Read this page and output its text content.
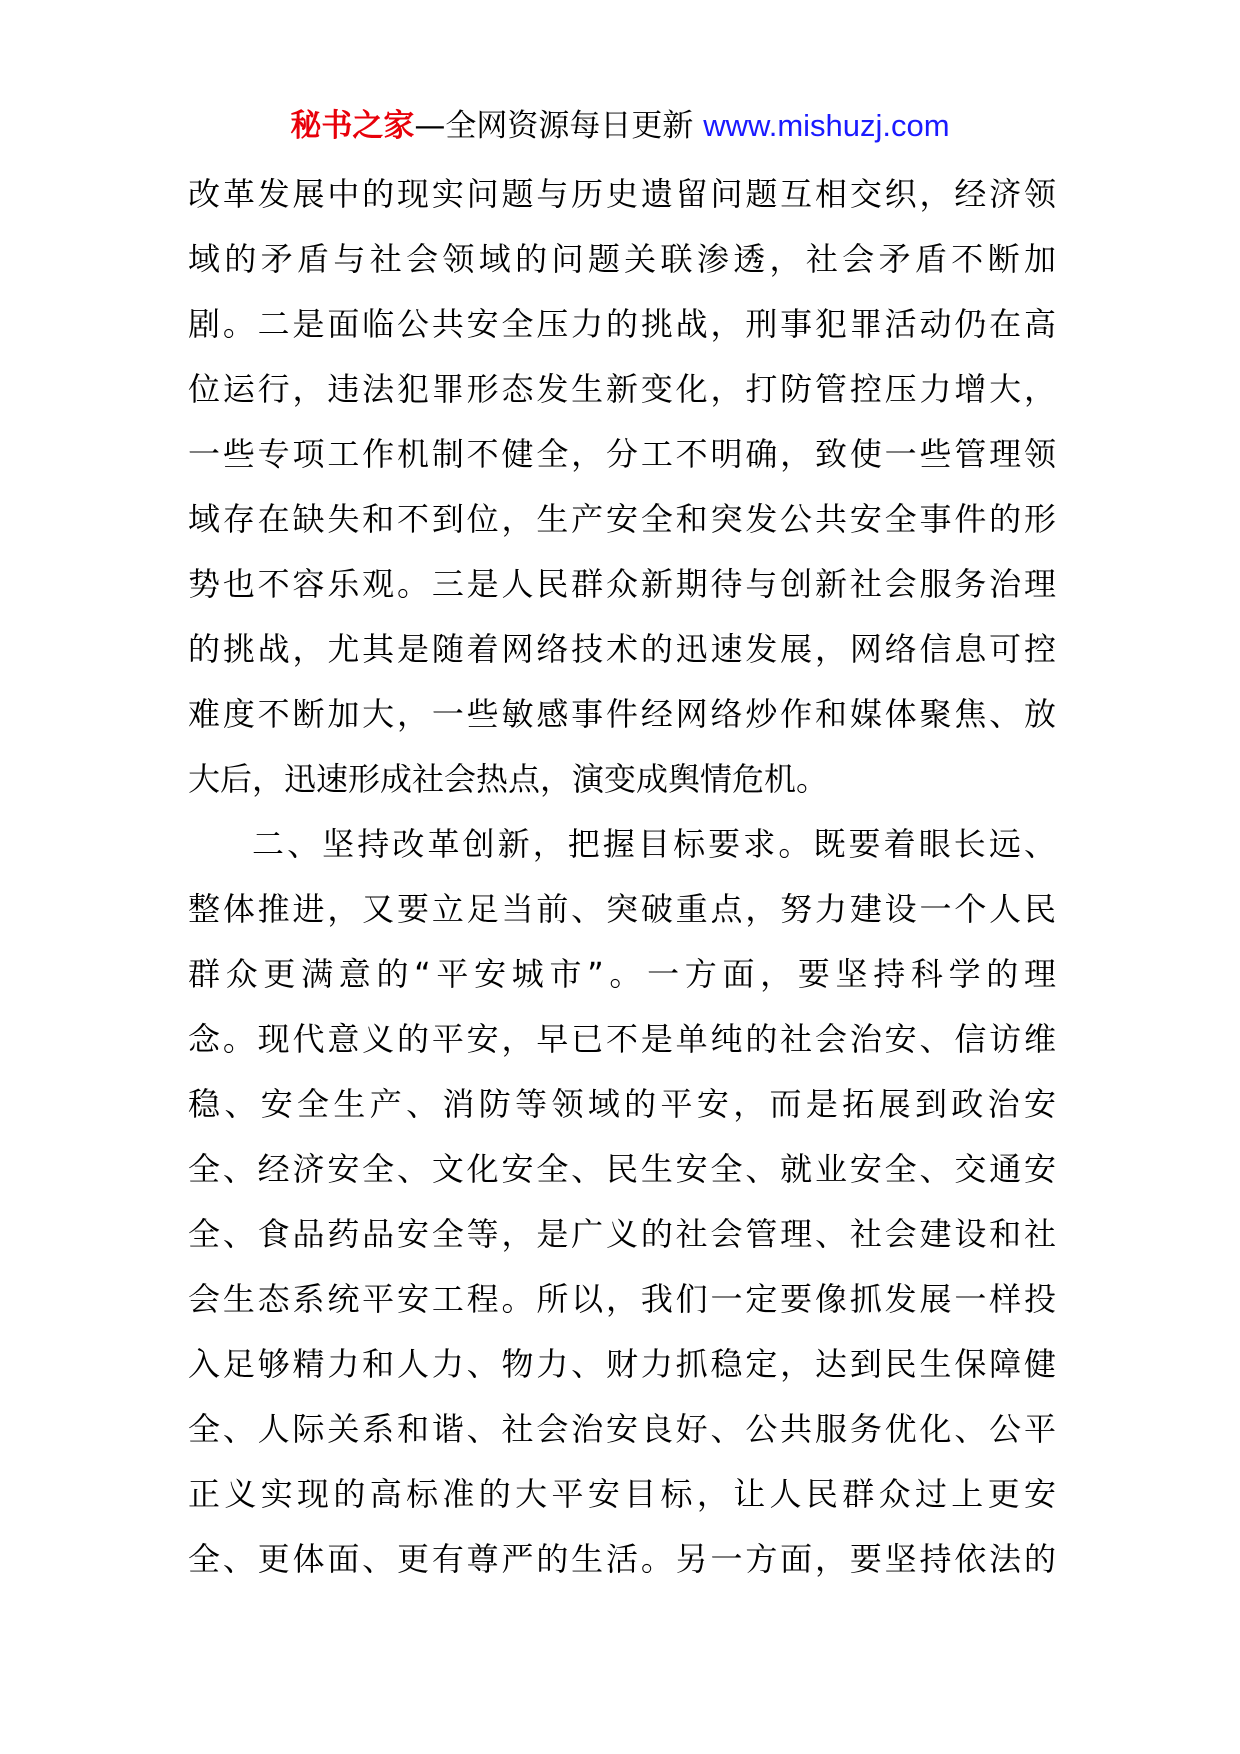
秘书之家—全网资源每日更新 www.mishuzj.com
改革发展中的现实问题与历史遗留问题互相交织，经济领
域的矛盾与社会领域的问题关联渗透，社会矛盾不断加
剧。二是面临公共安全压力的挑战，刑事犯罪活动仍在高
位运行，违法犯罪形态发生新变化，打防管控压力增大，
一些专项工作机制不健全，分工不明确，致使一些管理领
域存在缺失和不到位，生产安全和突发公共安全事件的形
势也不容乐观。三是人民群众新期待与创新社会服务治理
的挑战，尤其是随着网络技术的迅速发展，网络信息可控
难度不断加大，一些敏感事件经网络炒作和媒体聚焦、放
大后，迅速形成社会热点，演变成舆情危机。
二、坚持改革创新，把握目标要求。既要着眼长远、
整体推进，又要立足当前、突破重点，努力建设一个人民
群众更满意的“平安城市”。一方面，要坚持科学的理
念。现代意义的平安，早已不是单纯的社会治安、信访维
稳、安全生产、消防等领域的平安，而是拓展到政治安
全、经济安全、文化安全、民生安全、就业安全、交通安
全、食品药品安全等，是广义的社会管理、社会建设和社
会生态系统平安工程。所以，我们一定要像抓发展一样投
入足够精力和人力、物力、财力抓稳定，达到民生保障健
全、人际关系和谐、社会治安良好、公共服务优化、公平
正义实现的高标准的大平安目标，让人民群众过上更安
全、更体面、更有尊严的生活。另一方面，要坚持依法的
